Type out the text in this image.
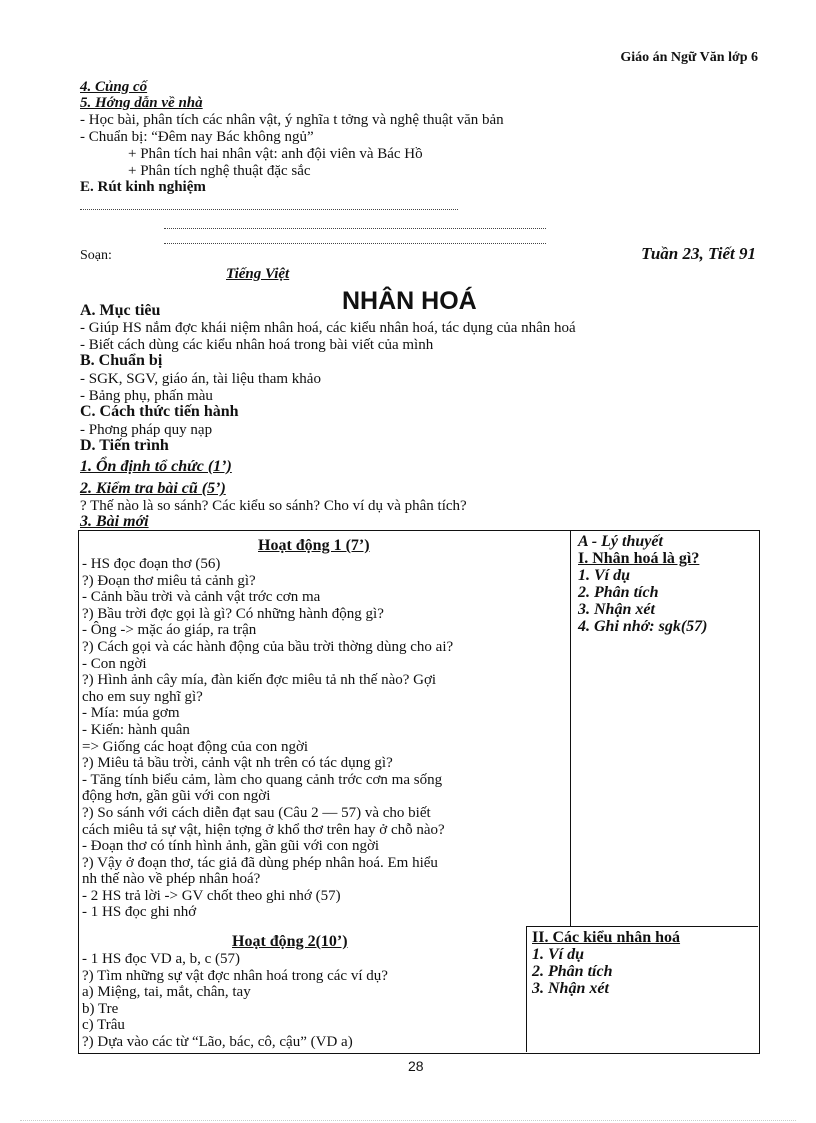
Giáo án Ngữ Văn lớp 6
4. Củng cố
5. Hớng dẫn về nhà
- Học bài, phân tích các nhân vật, ý nghĩa t tởng và nghệ thuật văn bản
- Chuẩn bị: “Đêm nay Bác không ngủ”
+ Phân tích hai nhân vật: anh đội viên và Bác Hồ
+ Phân tích nghệ thuật đặc sắc
E. Rút kinh nghiệm
Soạn:	Tuần 23, Tiết 91
Tiếng Việt
NHÂN HOÁ
A. Mục tiêu
- Giúp HS nắm đợc khái niệm nhân hoá, các kiểu nhân hoá, tác dụng của nhân hoá
- Biết cách dùng các kiểu nhân hoá trong bài viết của mình
B. Chuẩn bị
- SGK, SGV, giáo án, tài liệu tham khảo
- Bảng phụ, phấn màu
C. Cách thức tiến hành
- Phơng pháp quy nạp
D. Tiến trình
1. Ổn định tổ chức (1’)
2. Kiểm tra bài cũ (5’)
? Thế nào là so sánh? Các kiểu so sánh? Cho ví dụ và phân tích?
3. Bài mới
Hoạt động 1 (7’)
- HS đọc đoạn thơ (56)
?) Đoạn thơ miêu tả cảnh gì?
- Cảnh bầu trời và cảnh vật trớc cơn ma
?) Bầu trời đợc gọi là gì? Có những hành động gì?
- Ông -> mặc áo giáp, ra trận
?) Cách gọi và các hành động của bầu trời thờng dùng cho ai?
- Con ngời
?) Hình ảnh cây mía, đàn kiến đợc miêu tả nh thế nào? Gợi
cho em suy nghĩ gì?
- Mía: múa gơm
- Kiến: hành quân
=> Giống các hoạt động của con ngời
?) Miêu tả bầu trời, cảnh vật nh trên có tác dụng gì?
- Tăng tính biểu cảm, làm cho quang cảnh trớc cơn ma sống
động hơn, gần gũi với con ngời
?) So sánh với cách diễn đạt sau (Câu 2 — 57) và cho biết
cách miêu tả sự vật, hiện tợng ở khổ thơ trên hay ở chỗ nào?
- Đoạn thơ có tính hình ảnh, gần gũi với con ngời
?) Vậy ở đoạn thơ, tác giả đã dùng phép nhân hoá. Em hiểu
nh thế nào về phép nhân hoá?
- 2 HS trả lời -> GV chốt theo ghi nhớ (57)
- 1 HS đọc ghi nhớ
Hoạt động 2(10’)
- 1 HS đọc VD a, b, c (57)
?) Tìm những sự vật đợc nhân hoá trong các ví dụ?
a) Miệng, tai, mắt, chân, tay
b) Tre
c) Trâu
?) Dựa vào các từ “Lão, bác, cô, cậu” (VD a)
A - Lý thuyết
I. Nhân hoá là gì?
1. Ví dụ
2. Phân tích
3. Nhận xét
4. Ghi nhớ: sgk(57)
II. Các kiểu nhân hoá
1. Ví dụ
2. Phân tích
3. Nhận xét
28
